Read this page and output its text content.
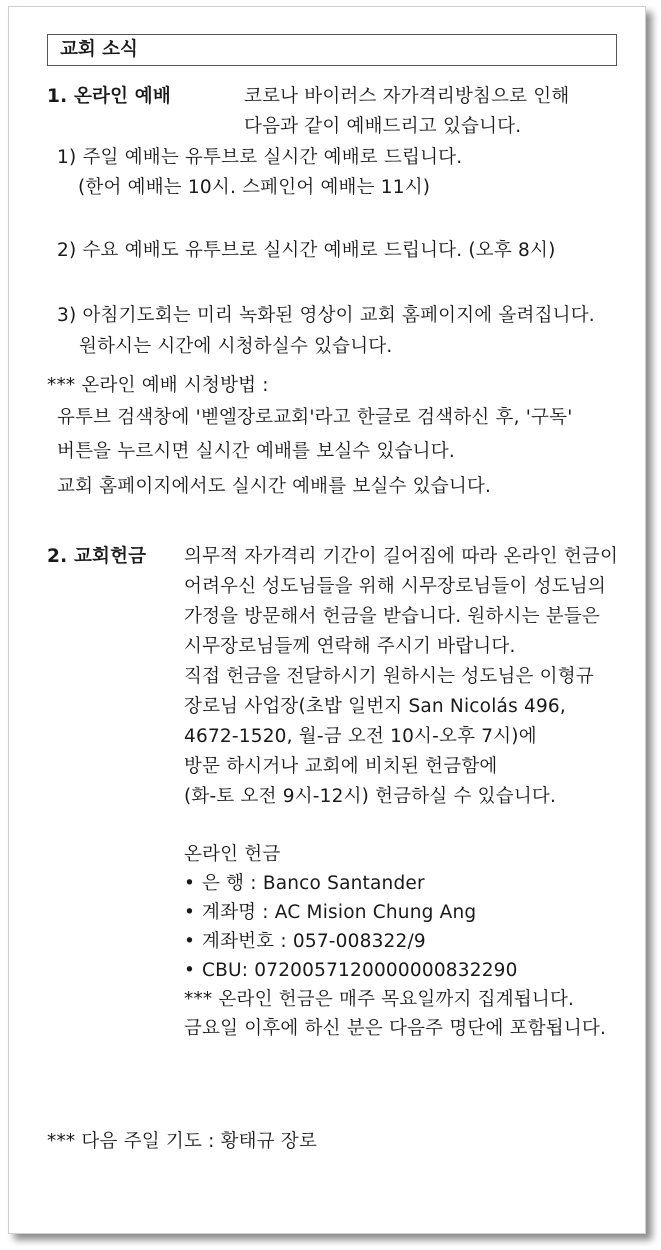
교회 소식
1. 온라인 예배	코로나 바이러스 자가격리방침으로 인해
다음과 같이 예배드리고 있습니다.
1) 주일 예배는 유투브로 실시간 예배로 드립니다.
(한어 예배는 10시. 스페인어 예배는 11시)
2) 수요 예배도 유투브로 실시간 예배로 드립니다. (오후 8시)
3) 아침기도회는 미리 녹화된 영상이 교회 홈페이지에 올려집니다.
원하시는 시간에 시청하실수 있습니다.
*** 온라인 예배 시청방법 :
유투브 검색창에 '벧엘장로교회'라고 한글로 검색하신 후, '구독'
버튼을 누르시면 실시간 예배를 보실수 있습니다.
교회 홈페이지에서도 실시간 예배를 보실수 있습니다.
2. 교회헌금 의무적 자가격리 기간이 길어짐에 따라 온라인 헌금이
어려우신 성도님들을 위해 시무장로님들이 성도님의
가정을 방문해서 헌금을 받습니다. 원하시는 분들은
시무장로님들께 연락해 주시기 바랍니다.
직접 헌금을 전달하시기 원하시는 성도님은 이형규
장로님 사업장(초밥 일번지 San Nicolás 496,
4672-1520, 월-금 오전 10시-오후 7시)에
방문 하시거나 교회에 비치된 헌금함에
(화-토 오전 9시-12시) 헌금하실 수 있습니다.
온라인 헌금
• 은 행 : Banco Santander
• 계좌명 : AC Mision Chung Ang
• 계좌번호 : 057-008322/9
• CBU: 0720057120000000832290
*** 온라인 헌금은 매주 목요일까지 집계됩니다.
금요일 이후에 하신 분은 다음주 명단에 포함됩니다.
*** 다음 주일 기도 : 황태규 장로
